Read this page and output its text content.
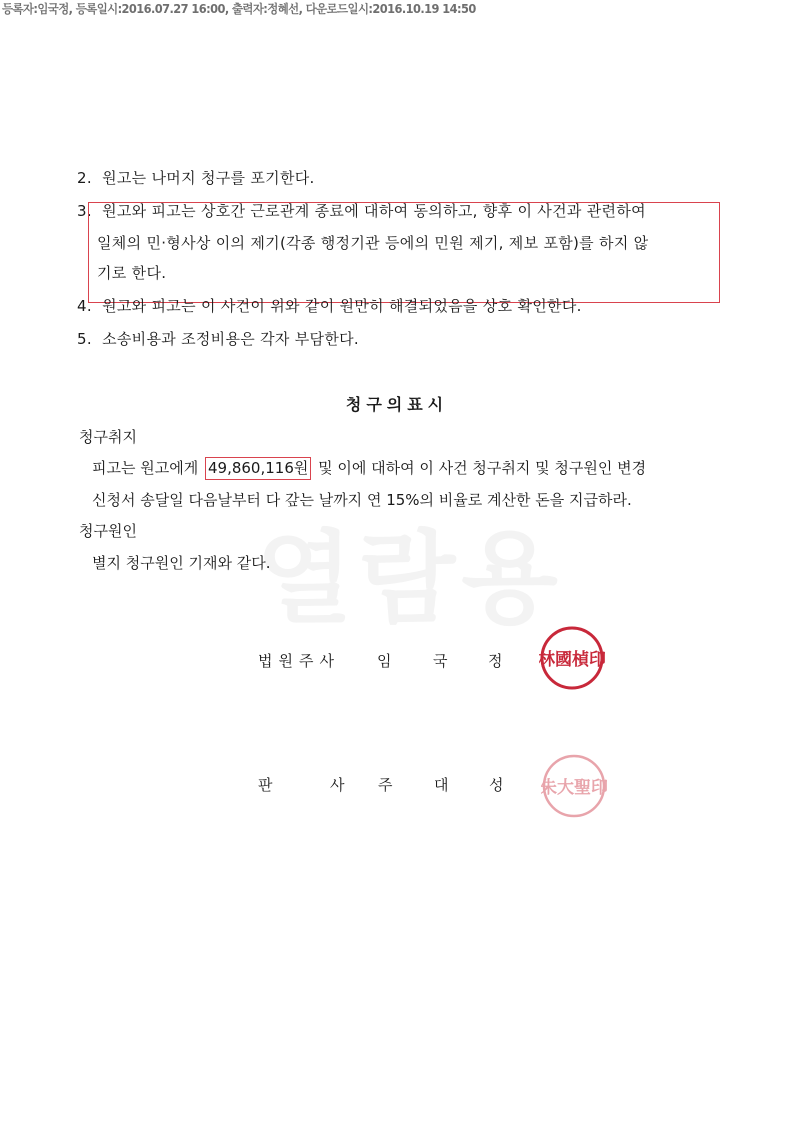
등록자:임국정, 등록일시:2016.07.27 16:00, 출력자:정혜선, 다운로드일시:2016.10.19 14:50
열람용
2. 원고는 나머지 청구를 포기한다.
3. 원고와 피고는 상호간 근로관계 종료에 대하여 동의하고, 향후 이 사건과 관련하여
일체의 민·형사상 이의 제기(각종 행정기관 등에의 민원 제기, 제보 포함)를 하지 않
기로 한다.
4. 원고와 피고는 이 사건이 위와 같이 원만히 해결되었음을 상호 확인한다.
5. 소송비용과 조정비용은 각자 부담한다.
청구의표시
청구취지
피고는 원고에게 49,860,116원 및 이에 대하여 이 사건 청구취지 및 청구원인 변경
신청서 송달일 다음날부터 다 갚는 날까지 연 15%의 비율로 계산한 돈을 지급하라.
청구원인
별지 청구원인 기재와 같다.
법원주사 임	국	정 林國楨印
판	사 주	대	성 朱大聖印
